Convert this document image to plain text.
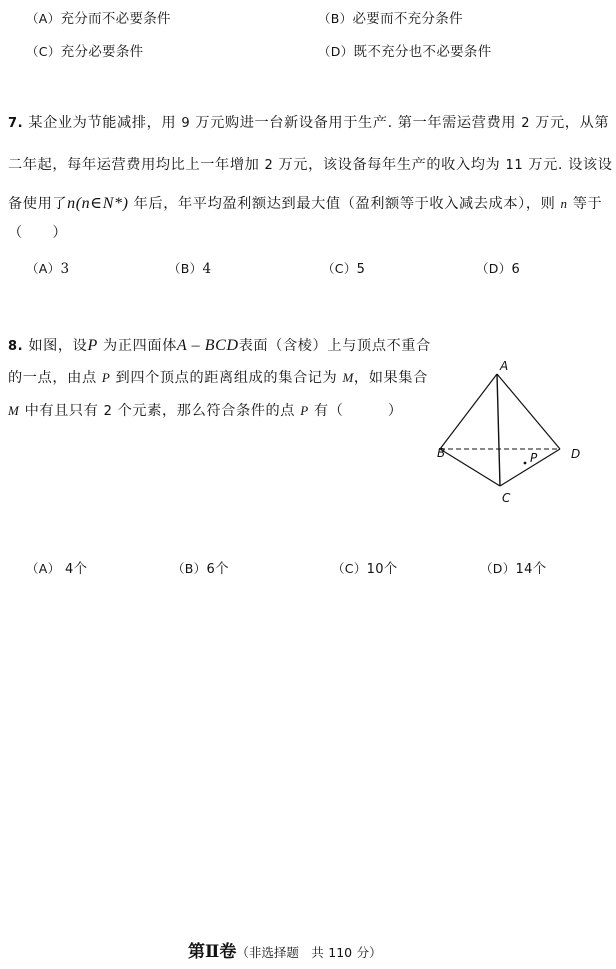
（A）充分而不必要条件	（B）必要而不充分条件
（C）充分必要条件	（D）既不充分也不必要条件
7. 某企业为节能减排，用 9 万元购进一台新设备用于生产. 第一年需运营费用 2 万元，从第
二年起，每年运营费用均比上一年增加 2 万元，该设备每年生产的收入均为 11 万元. 设该设
备使用了n(n∈N*) 年后，年平均盈利额达到最大值（盈利额等于收入减去成本），则 n 等于
（　　）
（A）3	（B）4	（C）5	（D）6
8. 如图，设P 为正四面体A – BCD表面（含棱）上与顶点不重合
的一点，由点 P 到四个顶点的距离组成的集合记为 M，如果集合
M 中有且只有 2 个元素，那么符合条件的点 P 有（　　　）
A
B
C
D
P
（A） 4个	（B）6个	（C）10个	（D）14个
第Ⅱ卷（非选择题 共 110 分）
